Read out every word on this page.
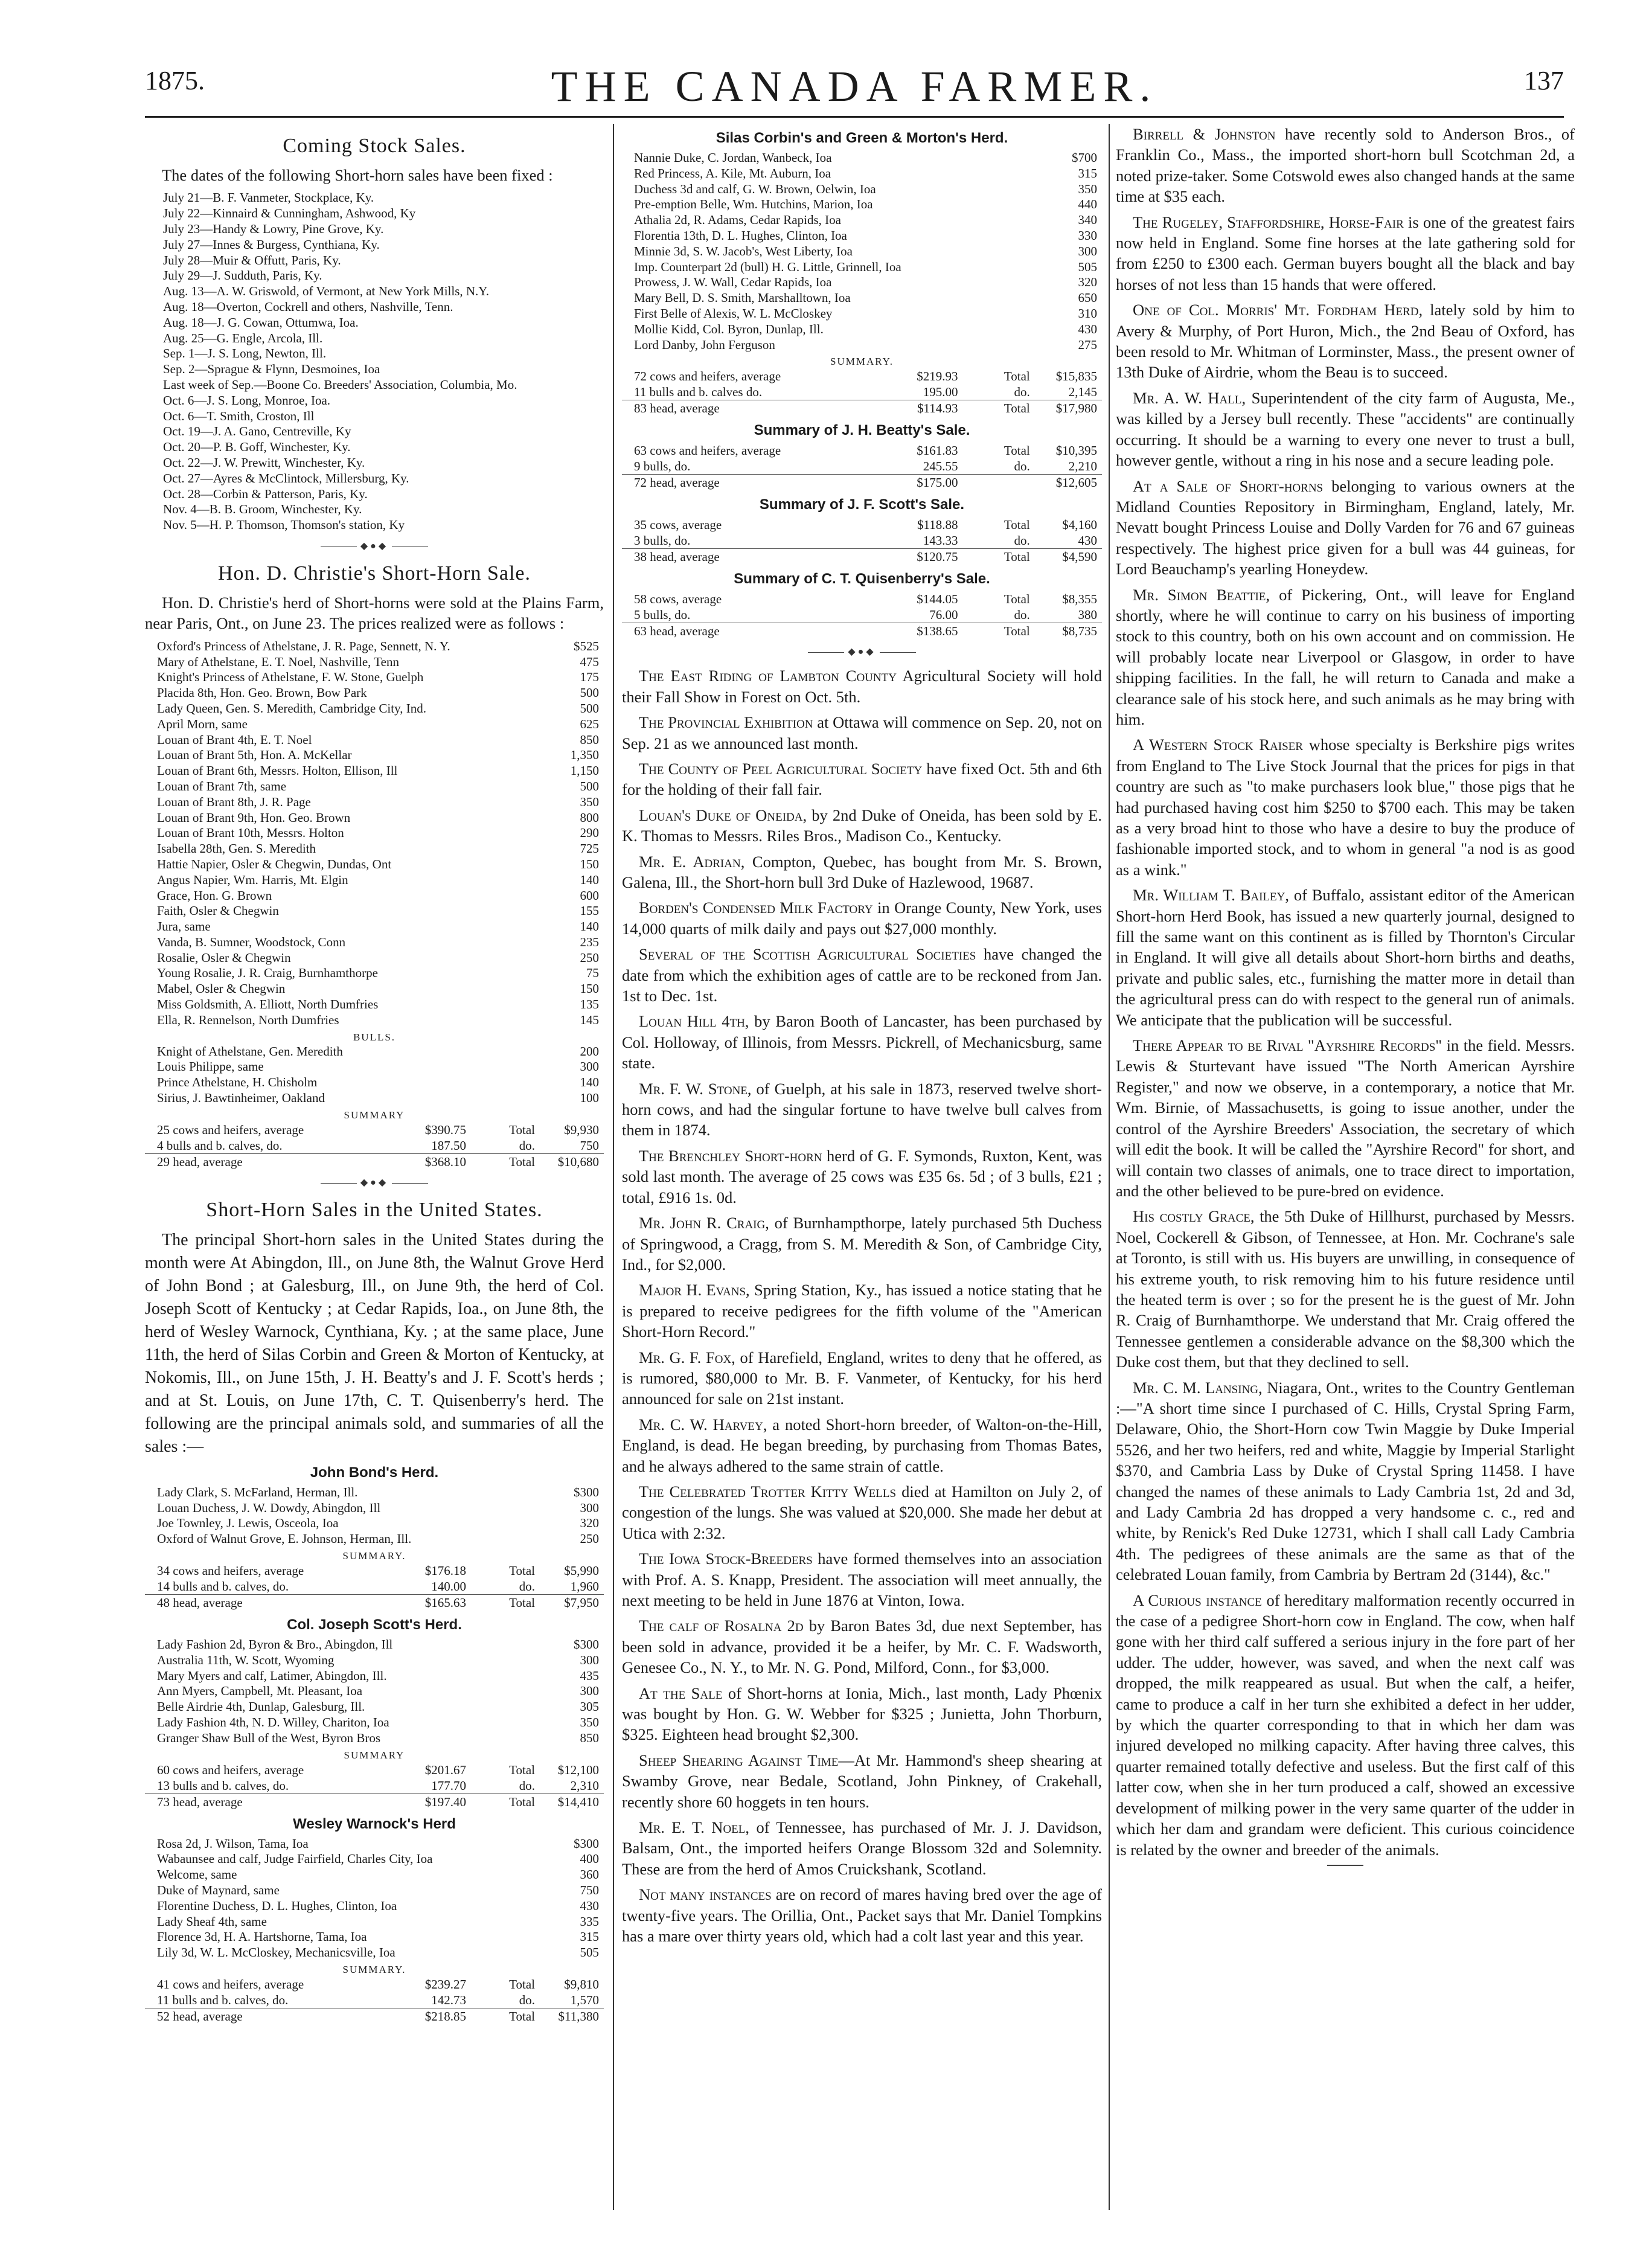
1875.	THE CANADA FARMER.	137
Coming Stock Sales.

The dates of the following Short-horn sales have been fixed :

July 21—B. F. Vanmeter, Stockplace, Ky.
July 22—Kinnaird & Cunningham, Ashwood, Ky
July 23—Handy & Lowry, Pine Grove, Ky.
July 27—Innes & Burgess, Cynthiana, Ky.
July 28—Muir & Offutt, Paris, Ky.
July 29—J. Sudduth, Paris, Ky.
Aug. 13—A. W. Griswold, of Vermont, at New York Mills, N.Y.
Aug. 18—Overton, Cockrell and others, Nashville, Tenn.
Aug. 18—J. G. Cowan, Ottumwa, Ioa.
Aug. 25—G. Engle, Arcola, Ill.
Sep. 1—J. S. Long, Newton, Ill.
Sep. 2—Sprague & Flynn, Desmoines, Ioa
Last week of Sep.—Boone Co. Breeders' Association, Columbia, Mo.
Oct. 6—J. S. Long, Monroe, Ioa.
Oct. 6—T. Smith, Croston, Ill
Oct. 19—J. A. Gano, Centreville, Ky
Oct. 20—P. B. Goff, Winchester, Ky.
Oct. 22—J. W. Prewitt, Winchester, Ky.
Oct. 27—Ayres & McClintock, Millersburg, Ky.
Oct. 28—Corbin & Patterson, Paris, Ky.
Nov. 4—B. B. Groom, Winchester, Ky.
Nov. 5—H. P. Thomson, Thomson's station, Ky
◆●◆
Hon. D. Christie's Short-Horn Sale.

Hon. D. Christie's herd of Short-horns were sold at the Plains Farm, near Paris, Ont., on June 23. The prices realized were as follows :

Oxford's Princess of Athelstane, J. R. Page, Sennett, N. Y.	$525
Mary of Athelstane, E. T. Noel, Nashville, Tenn	475
Knight's Princess of Athelstane, F. W. Stone, Guelph	175
Placida 8th, Hon. Geo. Brown, Bow Park	500
Lady Queen, Gen. S. Meredith, Cambridge City, Ind.	500
April Morn, same	625
Louan of Brant 4th, E. T. Noel	850
Louan of Brant 5th, Hon. A. McKellar	1,350
Louan of Brant 6th, Messrs. Holton, Ellison, Ill	1,150
Louan of Brant 7th, same	500
Louan of Brant 8th, J. R. Page	350
Louan of Brant 9th, Hon. Geo. Brown	800
Louan of Brant 10th, Messrs. Holton	290
Isabella 28th, Gen. S. Meredith	725
Hattie Napier, Osler & Chegwin, Dundas, Ont	150
Angus Napier, Wm. Harris, Mt. Elgin	140
Grace, Hon. G. Brown	600
Faith, Osler & Chegwin	155
Jura, same	140
Vanda, B. Sumner, Woodstock, Conn	235
Rosalie, Osler & Chegwin	250
Young Rosalie, J. R. Craig, Burnhamthorpe	75
Mabel, Osler & Chegwin	150
Miss Goldsmith, A. Elliott, North Dumfries	135
Ella, R. Rennelson, North Dumfries	145
BULLS.
Knight of Athelstane, Gen. Meredith	200
Louis Philippe, same	300
Prince Athelstane, H. Chisholm	140
Sirius, J. Bawtinheimer, Oakland	100
SUMMARY
25 cows and heifers, average	$390.75	Total	$9,930
4 bulls and b. calves, do.	187.50	do.	750
29 head, average	$368.10	Total	$10,680
◆●◆
Short-Horn Sales in the United States.

The principal Short-horn sales in the United States during the month were At Abingdon, Ill., on June 8th, the Walnut Grove Herd of John Bond ; at Galesburg, Ill., on June 9th, the herd of Col. Joseph Scott of Kentucky ; at Cedar Rapids, Ioa., on June 8th, the herd of Wesley Warnock, Cynthiana, Ky. ; at the same place, June 11th, the herd of Silas Corbin and Green & Morton of Kentucky, at Nokomis, Ill., on June 15th, J. H. Beatty's and J. F. Scott's herds ; and at St. Louis, on June 17th, C. T. Quisenberry's herd. The following are the principal animals sold, and summaries of all the sales :—

John Bond's Herd.
Lady Clark, S. McFarland, Herman, Ill.	$300
Louan Duchess, J. W. Dowdy, Abingdon, Ill	300
Joe Townley, J. Lewis, Osceola, Ioa	320
Oxford of Walnut Grove, E. Johnson, Herman, Ill.	250
SUMMARY.
34 cows and heifers, average	$176.18	Total	$5,990
14 bulls and b. calves, do.	140.00	do.	1,960
48 head, average	$165.63	Total	$7,950
Col. Joseph Scott's Herd.
Lady Fashion 2d, Byron & Bro., Abingdon, Ill	$300
Australia 11th, W. Scott, Wyoming	300
Mary Myers and calf, Latimer, Abingdon, Ill.	435
Ann Myers, Campbell, Mt. Pleasant, Ioa	300
Belle Airdrie 4th, Dunlap, Galesburg, Ill.	305
Lady Fashion 4th, N. D. Willey, Chariton, Ioa	350
Granger Shaw Bull of the West, Byron Bros	850
SUMMARY
60 cows and heifers, average	$201.67	Total	$12,100
13 bulls and b. calves, do.	177.70	do.	2,310
73 head, average	$197.40	Total	$14,410
Wesley Warnock's Herd
Rosa 2d, J. Wilson, Tama, Ioa	$300
Wabaunsee and calf, Judge Fairfield, Charles City, Ioa	400
Welcome, same	360
Duke of Maynard, same	750
Florentine Duchess, D. L. Hughes, Clinton, Ioa	430
Lady Sheaf 4th, same	335
Florence 3d, H. A. Hartshorne, Tama, Ioa	315
Lily 3d, W. L. McCloskey, Mechanicsville, Ioa	505
SUMMARY.
41 cows and heifers, average	$239.27	Total	$9,810
11 bulls and b. calves, do.	142.73	do.	1,570
52 head, average	$218.85	Total	$11,380
Silas Corbin's and Green & Morton's Herd.
Nannie Duke, C. Jordan, Wanbeck, Ioa	$700
Red Princess, A. Kile, Mt. Auburn, Ioa	315
Duchess 3d and calf, G. W. Brown, Oelwin, Ioa	350
Pre-emption Belle, Wm. Hutchins, Marion, Ioa	440
Athalia 2d, R. Adams, Cedar Rapids, Ioa	340
Florentia 13th, D. L. Hughes, Clinton, Ioa	330
Minnie 3d, S. W. Jacob's, West Liberty, Ioa	300
Imp. Counterpart 2d (bull) H. G. Little, Grinnell, Ioa	505
Prowess, J. W. Wall, Cedar Rapids, Ioa	320
Mary Bell, D. S. Smith, Marshalltown, Ioa	650
First Belle of Alexis, W. L. McCloskey	310
Mollie Kidd, Col. Byron, Dunlap, Ill.	430
Lord Danby, John Ferguson	275
SUMMARY.
72 cows and heifers, average	$219.93	Total	$15,835
11 bulls and b. calves do.	195.00	do.	2,145
83 head, average	$114.93	Total	$17,980
Summary of J. H. Beatty's Sale.
63 cows and heifers, average	$161.83	Total	$10,395
9 bulls, do.	245.55	do.	2,210
72 head, average	$175.00		$12,605
Summary of J. F. Scott's Sale.
35 cows, average	$118.88	Total	$4,160
3 bulls, do.	143.33	do.	430
38 head, average	$120.75	Total	$4,590
Summary of C. T. Quisenberry's Sale.
58 cows, average	$144.05	Total	$8,355
5 bulls, do.	76.00	do.	380
63 head, average	$138.65	Total	$8,735
◆●◆

The East Riding of Lambton County Agricultural Society will hold their Fall Show in Forest on Oct. 5th.

The Provincial Exhibition at Ottawa will commence on Sep. 20, not on Sep. 21 as we announced last month.

The County of Peel Agricultural Society have fixed Oct. 5th and 6th for the holding of their fall fair.

Louan's Duke of Oneida, by 2nd Duke of Oneida, has been sold by E. K. Thomas to Messrs. Riles Bros., Madison Co., Kentucky.

Mr. E. Adrian, Compton, Quebec, has bought from Mr. S. Brown, Galena, Ill., the Short-horn bull 3rd Duke of Hazlewood, 19687.

Borden's Condensed Milk Factory in Orange County, New York, uses 14,000 quarts of milk daily and pays out $27,000 monthly.

Several of the Scottish Agricultural Societies have changed the date from which the exhibition ages of cattle are to be reckoned from Jan. 1st to Dec. 1st.

Louan Hill 4th, by Baron Booth of Lancaster, has been purchased by Col. Holloway, of Illinois, from Messrs. Pickrell, of Mechanicsburg, same state.

Mr. F. W. Stone, of Guelph, at his sale in 1873, reserved twelve short-horn cows, and had the singular fortune to have twelve bull calves from them in 1874.

The Brenchley Short-horn herd of G. F. Symonds, Ruxton, Kent, was sold last month. The average of 25 cows was £35 6s. 5d ; of 3 bulls, £21 ; total, £916 1s. 0d.

Mr. John R. Craig, of Burnhampthorpe, lately purchased 5th Duchess of Springwood, a Cragg, from S. M. Meredith & Son, of Cambridge City, Ind., for $2,000.

Major H. Evans, Spring Station, Ky., has issued a notice stating that he is prepared to receive pedigrees for the fifth volume of the "American Short-Horn Record."

Mr. G. F. Fox, of Harefield, England, writes to deny that he offered, as is rumored, $80,000 to Mr. B. F. Vanmeter, of Kentucky, for his herd announced for sale on 21st instant.

Mr. C. W. Harvey, a noted Short-horn breeder, of Walton-on-the-Hill, England, is dead. He began breeding, by purchasing from Thomas Bates, and he always adhered to the same strain of cattle.

The Celebrated Trotter Kitty Wells died at Hamilton on July 2, of congestion of the lungs. She was valued at $20,000. She made her debut at Utica with 2:32.

The Iowa Stock-Breeders have formed themselves into an association with Prof. A. S. Knapp, President. The association will meet annually, the next meeting to be held in June 1876 at Vinton, Iowa.

The calf of Rosalna 2d by Baron Bates 3d, due next September, has been sold in advance, provided it be a heifer, by Mr. C. F. Wadsworth, Genesee Co., N. Y., to Mr. N. G. Pond, Milford, Conn., for $3,000.

At the Sale of Short-horns at Ionia, Mich., last month, Lady Phœnix was bought by Hon. G. W. Webber for $325 ; Junietta, John Thorburn, $325. Eighteen head brought $2,300.

Sheep Shearing Against Time—At Mr. Hammond's sheep shearing at Swamby Grove, near Bedale, Scotland, John Pinkney, of Crakehall, recently shore 60 hoggets in ten hours.

Mr. E. T. Noel, of Tennessee, has purchased of Mr. J. J. Davidson, Balsam, Ont., the imported heifers Orange Blossom 32d and Solemnity. These are from the herd of Amos Cruickshank, Scotland.

Not many instances are on record of mares having bred over the age of twenty-five years. The Orillia, Ont., Packet says that Mr. Daniel Tompkins has a mare over thirty years old, which had a colt last year and this year.

Birrell & Johnston have recently sold to Anderson Bros., of Franklin Co., Mass., the imported short-horn bull Scotchman 2d, a noted prize-taker. Some Cotswold ewes also changed hands at the same time at $35 each.

The Rugeley, Staffordshire, Horse-Fair is one of the greatest fairs now held in England. Some fine horses at the late gathering sold for from £250 to £300 each. German buyers bought all the black and bay horses of not less than 15 hands that were offered.

One of Col. Morris' Mt. Fordham Herd, lately sold by him to Avery & Murphy, of Port Huron, Mich., the 2nd Beau of Oxford, has been resold to Mr. Whitman of Lorminster, Mass., the present owner of 13th Duke of Airdrie, whom the Beau is to succeed.

Mr. A. W. Hall, Superintendent of the city farm of Augusta, Me., was killed by a Jersey bull recently. These "accidents" are continually occurring. It should be a warning to every one never to trust a bull, however gentle, without a ring in his nose and a secure leading pole.

At a Sale of Short-horns belonging to various owners at the Midland Counties Repository in Birmingham, England, lately, Mr. Nevatt bought Princess Louise and Dolly Varden for 76 and 67 guineas respectively. The highest price given for a bull was 44 guineas, for Lord Beauchamp's yearling Honeydew.

Mr. Simon Beattie, of Pickering, Ont., will leave for England shortly, where he will continue to carry on his business of importing stock to this country, both on his own account and on commission. He will probably locate near Liverpool or Glasgow, in order to have shipping facilities. In the fall, he will return to Canada and make a clearance sale of his stock here, and such animals as he may bring with him.

A Western Stock Raiser whose specialty is Berkshire pigs writes from England to The Live Stock Journal that the prices for pigs in that country are such as "to make purchasers look blue," those pigs that he had purchased having cost him $250 to $700 each. This may be taken as a very broad hint to those who have a desire to buy the produce of fashionable imported stock, and to whom in general "a nod is as good as a wink."

Mr. William T. Bailey, of Buffalo, assistant editor of the American Short-horn Herd Book, has issued a new quarterly journal, designed to fill the same want on this continent as is filled by Thornton's Circular in England. It will give all details about Short-horn births and deaths, private and public sales, etc., furnishing the matter more in detail than the agricultural press can do with respect to the general run of animals. We anticipate that the publication will be successful.

There Appear to be Rival "Ayrshire Records" in the field. Messrs. Lewis & Sturtevant have issued "The North American Ayrshire Register," and now we observe, in a contemporary, a notice that Mr. Wm. Birnie, of Massachusetts, is going to issue another, under the control of the Ayrshire Breeders' Association, the secretary of which will edit the book. It will be called the "Ayrshire Record" for short, and will contain two classes of animals, one to trace direct to importation, and the other believed to be pure-bred on evidence.

His costly Grace, the 5th Duke of Hillhurst, purchased by Messrs. Noel, Cockerell & Gibson, of Tennessee, at Hon. Mr. Cochrane's sale at Toronto, is still with us. His buyers are unwilling, in consequence of his extreme youth, to risk removing him to his future residence until the heated term is over ; so for the present he is the guest of Mr. John R. Craig of Burnhamthorpe. We understand that Mr. Craig offered the Tennessee gentlemen a considerable advance on the $8,300 which the Duke cost them, but that they declined to sell.

Mr. C. M. Lansing, Niagara, Ont., writes to the Country Gentleman :—"A short time since I purchased of C. Hills, Crystal Spring Farm, Delaware, Ohio, the Short-Horn cow Twin Maggie by Duke Imperial 5526, and her two heifers, red and white, Maggie by Imperial Starlight $370, and Cambria Lass by Duke of Crystal Spring 11458. I have changed the names of these animals to Lady Cambria 1st, 2d and 3d, and Lady Cambria 2d has dropped a very handsome c. c., red and white, by Renick's Red Duke 12731, which I shall call Lady Cambria 4th. The pedigrees of these animals are the same as that of the celebrated Louan family, from Cambria by Bertram 2d (3144), &c."

A Curious instance of hereditary malformation recently occurred in the case of a pedigree Short-horn cow in England. The cow, when half gone with her third calf suffered a serious injury in the fore part of her udder. The udder, however, was saved, and when the next calf was dropped, the milk reappeared as usual. But when the calf, a heifer, came to produce a calf in her turn she exhibited a defect in her udder, by which the quarter corresponding to that in which her dam was injured developed no milking capacity. After having three calves, this quarter remained totally defective and useless. But the first calf of this latter cow, when she in her turn produced a calf, showed an excessive development of milking power in the very same quarter of the udder in which her dam and grandam were deficient. This curious coincidence is related by the owner and breeder of the animals.
